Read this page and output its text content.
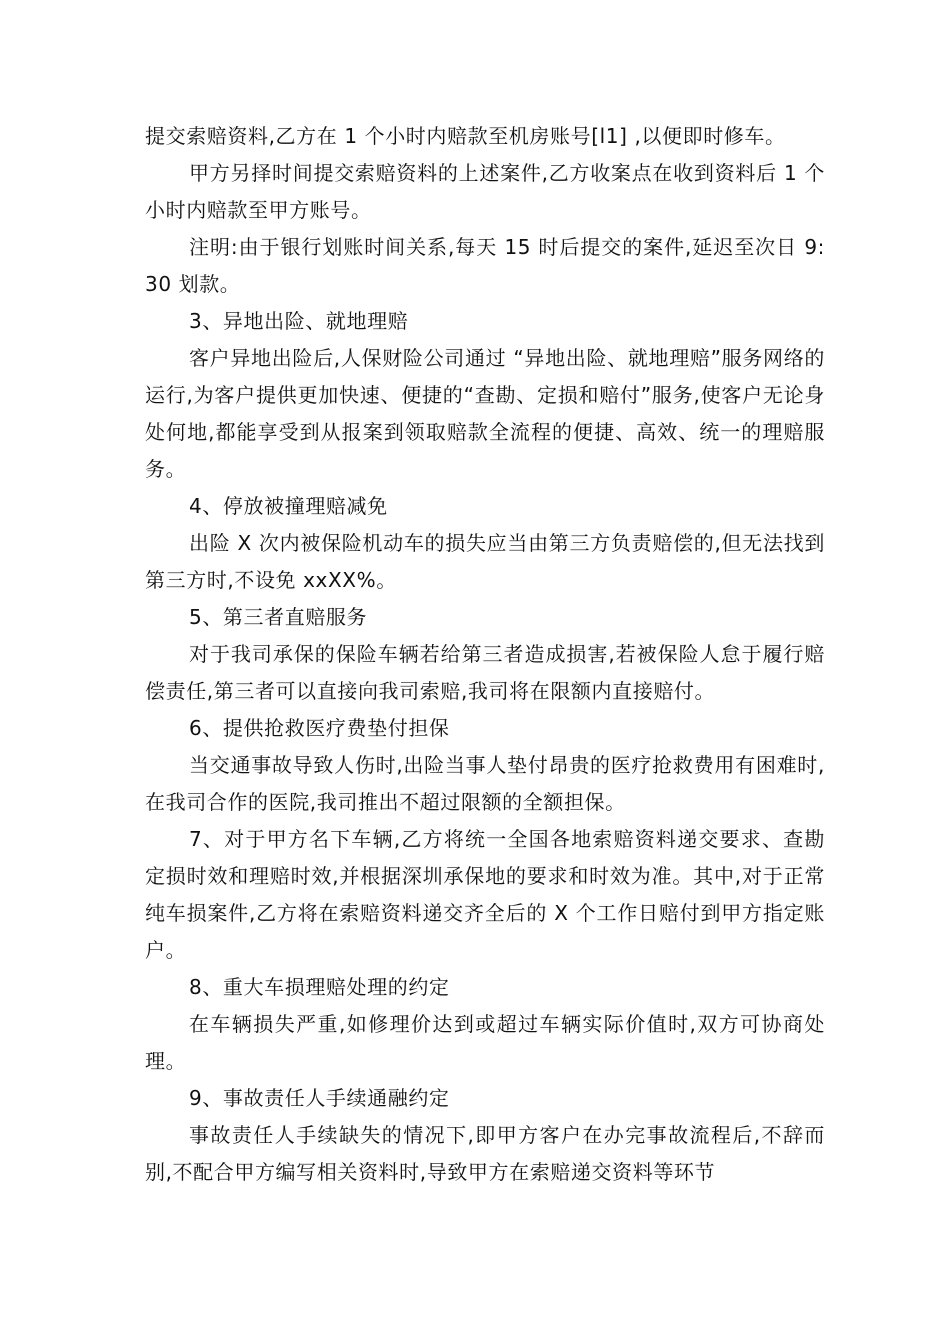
提交索赔资料,乙方在 1 个小时内赔款至机房账号[l1] ,以便即时修车。

甲方另择时间提交索赔资料的上述案件,乙方收案点在收到资料后 1 个小时内赔款至甲方账号。

注明:由于银行划账时间关系,每天 15 时后提交的案件,延迟至次日 9:30 划款。

3、异地出险、就地理赔

客户异地出险后,人保财险公司通过 “异地出险、就地理赔”服务网络的运行,为客户提供更加快速、便捷的“查勘、定损和赔付”服务,使客户无论身处何地,都能享受到从报案到领取赔款全流程的便捷、高效、统一的理赔服务。

4、停放被撞理赔减免

出险 X 次内被保险机动车的损失应当由第三方负责赔偿的,但无法找到第三方时,不设免 xxXX%。

5、第三者直赔服务

对于我司承保的保险车辆若给第三者造成损害,若被保险人怠于履行赔偿责任,第三者可以直接向我司索赔,我司将在限额内直接赔付。

6、提供抢救医疗费垫付担保

当交通事故导致人伤时,出险当事人垫付昂贵的医疗抢救费用有困难时,在我司合作的医院,我司推出不超过限额的全额担保。

7、对于甲方名下车辆,乙方将统一全国各地索赔资料递交要求、查勘定损时效和理赔时效,并根据深圳承保地的要求和时效为准。其中,对于正常纯车损案件,乙方将在索赔资料递交齐全后的 X 个工作日赔付到甲方指定账户。

8、重大车损理赔处理的约定

在车辆损失严重,如修理价达到或超过车辆实际价值时,双方可协商处理。

9、事故责任人手续通融约定

事故责任人手续缺失的情况下,即甲方客户在办完事故流程后,不辞而别,不配合甲方编写相关资料时,导致甲方在索赔递交资料等环节
